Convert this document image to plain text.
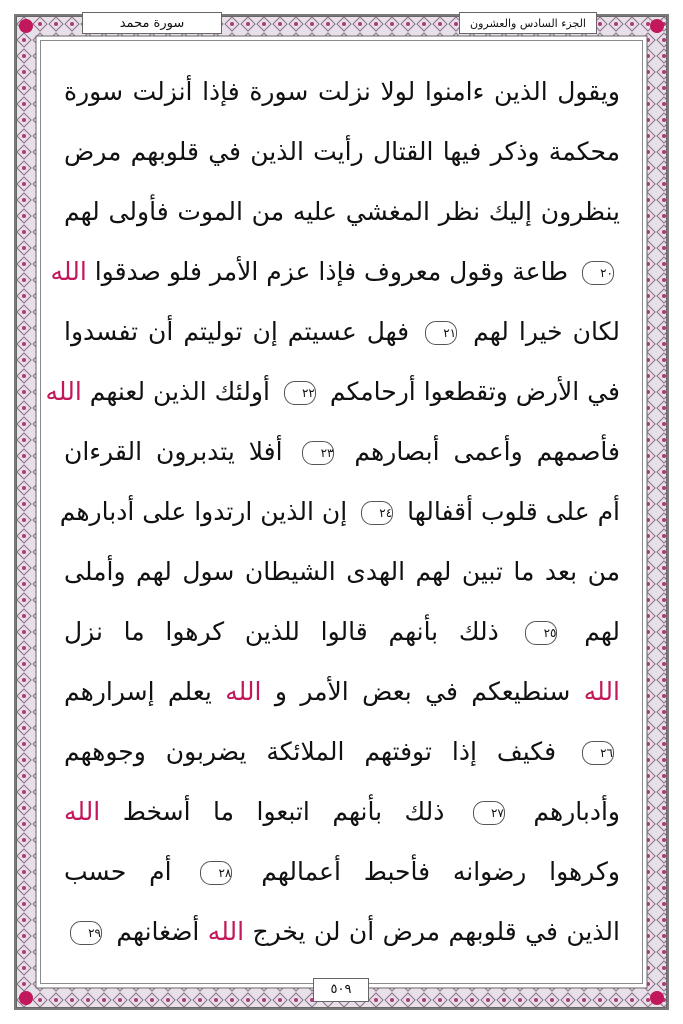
سورة محمد	الجزء السادس والعشرون
ويقول الذين ءامنوا لولا نزلت سورة فإذا أنزلت سورة
محكمة وذكر فيها القتال رأيت الذين في قلوبهم مرض
ينظرون إليك نظر المغشي عليه من الموت فأولى لهم
٢٠ طاعة وقول معروف فإذا عزم الأمر فلو صدقوا الله
لكان خيرا لهم ٢١ فهل عسيتم إن توليتم أن تفسدوا
في الأرض وتقطعوا أرحامكم ٢٢ أولئك الذين لعنهم الله
فأصمهم وأعمى أبصارهم ٢٣ أفلا يتدبرون القرءان
أم على قلوب أقفالها ٢٤ إن الذين ارتدوا على أدبارهم
من بعد ما تبين لهم الهدى الشيطان سول لهم وأملى
لهم ٢٥ ذلك بأنهم قالوا للذين كرهوا ما نزل
الله سنطيعكم في بعض الأمر و الله يعلم إسرارهم
٢٦ فكيف إذا توفتهم الملائكة يضربون وجوههم
وأدبارهم ٢٧ ذلك بأنهم اتبعوا ما أسخط الله
وكرهوا رضوانه فأحبط أعمالهم ٢٨ أم حسب
الذين في قلوبهم مرض أن لن يخرج الله أضغانهم ٢٩
٥٠٩
